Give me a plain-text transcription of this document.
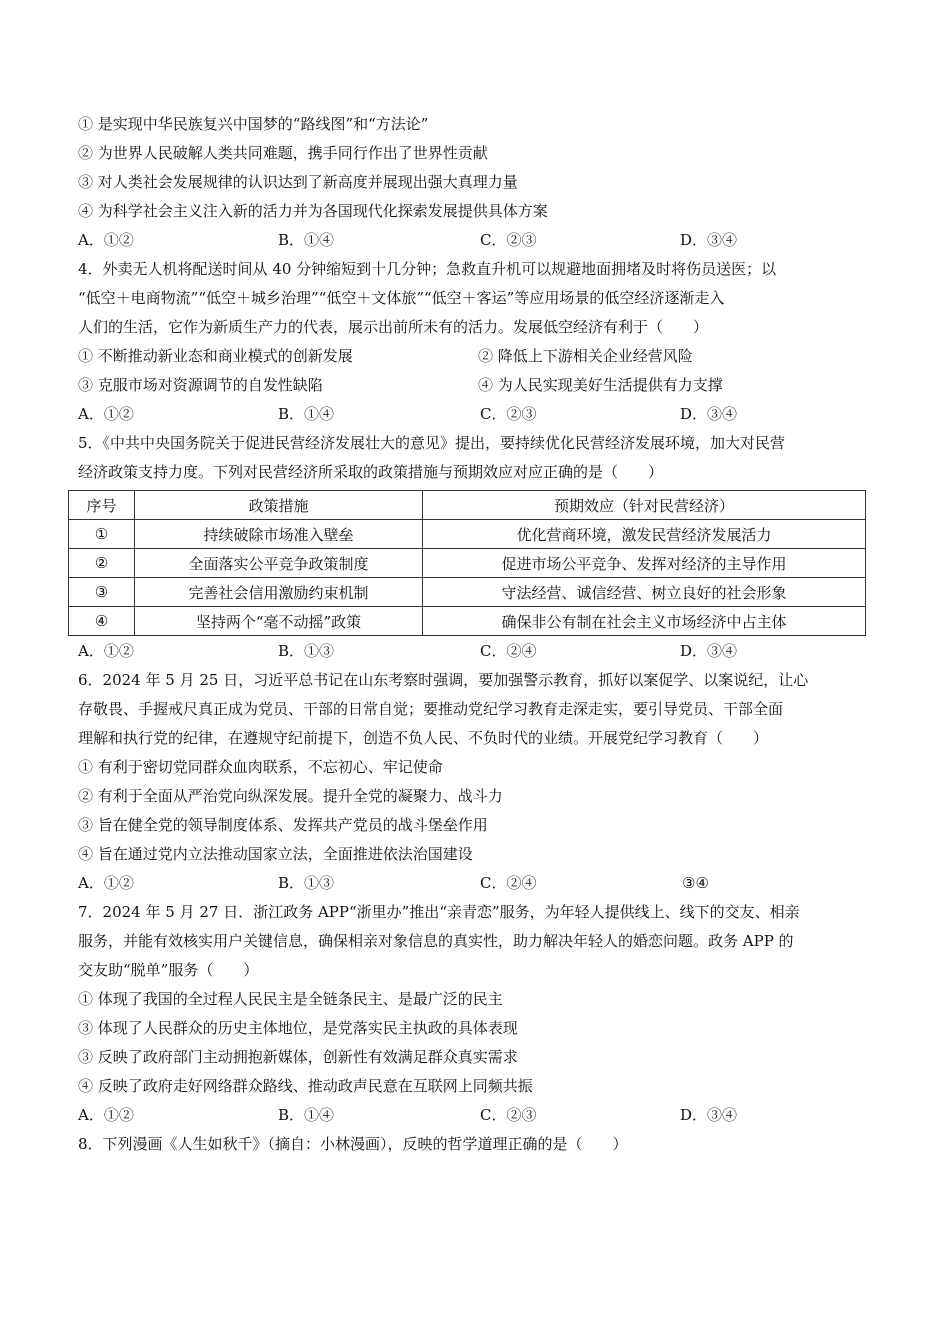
① 是实现中华民族复兴中国梦的“路线图”和“方法论”
② 为世界人民破解人类共同难题，携手同行作出了世界性贡献
③ 对人类社会发展规律的认识达到了新高度并展现出强大真理力量
④ 为科学社会主义注入新的活力并为各国现代化探索发展提供具体方案
A．①②	B．①④	C．②③	D．③④
4．外卖无人机将配送时间从 40 分钟缩短到十几分钟；急救直升机可以规避地面拥堵及时将伤员送医；以
“低空＋电商物流”“低空＋城乡治理”“低空＋文体旅”“低空＋客运”等应用场景的低空经济逐渐走入
人们的生活，它作为新质生产力的代表，展示出前所未有的活力。发展低空经济有利于（　　）
① 不断推动新业态和商业模式的创新发展	② 降低上下游相关企业经营风险
③ 克服市场对资源调节的自发性缺陷	④ 为人民实现美好生活提供有力支撑
A．①②	B．①④	C．②③	D．③④
5．《中共中央国务院关于促进民营经济发展壮大的意见》提出，要持续优化民营经济发展环境，加大对民营
经济政策支持力度。下列对民营经济所采取的政策措施与预期效应对应正确的是（　　）
序号	政策措施	预期效应（针对民营经济）
①	持续破除市场准入壁垒	优化营商环境，激发民营经济发展活力
②	全面落实公平竞争政策制度	促进市场公平竞争、发挥对经济的主导作用
③	完善社会信用激励约束机制	守法经营、诚信经营、树立良好的社会形象
④	坚持两个“毫不动摇”政策	确保非公有制在社会主义市场经济中占主体
A．①②	B．①③	C．②④	D．③④
6．2024 年 5 月 25 日，习近平总书记在山东考察时强调，要加强警示教育，抓好以案促学、以案说纪，让心
存敬畏、手握戒尺真正成为党员、干部的日常自觉；要推动党纪学习教育走深走实，要引导党员、干部全面
理解和执行党的纪律，在遵规守纪前提下，创造不负人民、不负时代的业绩。开展党纪学习教育（　　）
① 有利于密切党同群众血肉联系，不忘初心、牢记使命
② 有利于全面从严治党向纵深发展。提升全党的凝聚力、战斗力
③ 旨在健全党的领导制度体系、发挥共产党员的战斗堡垒作用
④ 旨在通过党内立法推动国家立法，全面推进依法治国建设
A．①②	B．①③	C．②④	③④
7．2024 年 5 月 27 日．浙江政务 APP“浙里办”推出“亲青恋”服务，为年轻人提供线上、线下的交友、相亲
服务，并能有效核实用户关键信息，确保相亲对象信息的真实性，助力解决年轻人的婚恋问题。政务 APP 的
交友助“脱单”服务（　　）
① 体现了我国的全过程人民民主是全链条民主、是最广泛的民主
③ 体现了人民群众的历史主体地位，是党落实民主执政的具体表现
③ 反映了政府部门主动拥抱新媒体，创新性有效满足群众真实需求
④ 反映了政府走好网络群众路线、推动政声民意在互联网上同频共振
A．①②	B．①④	C．②③	D．③④
8．下列漫画《人生如秋千》（摘自：小林漫画），反映的哲学道理正确的是（　　）
